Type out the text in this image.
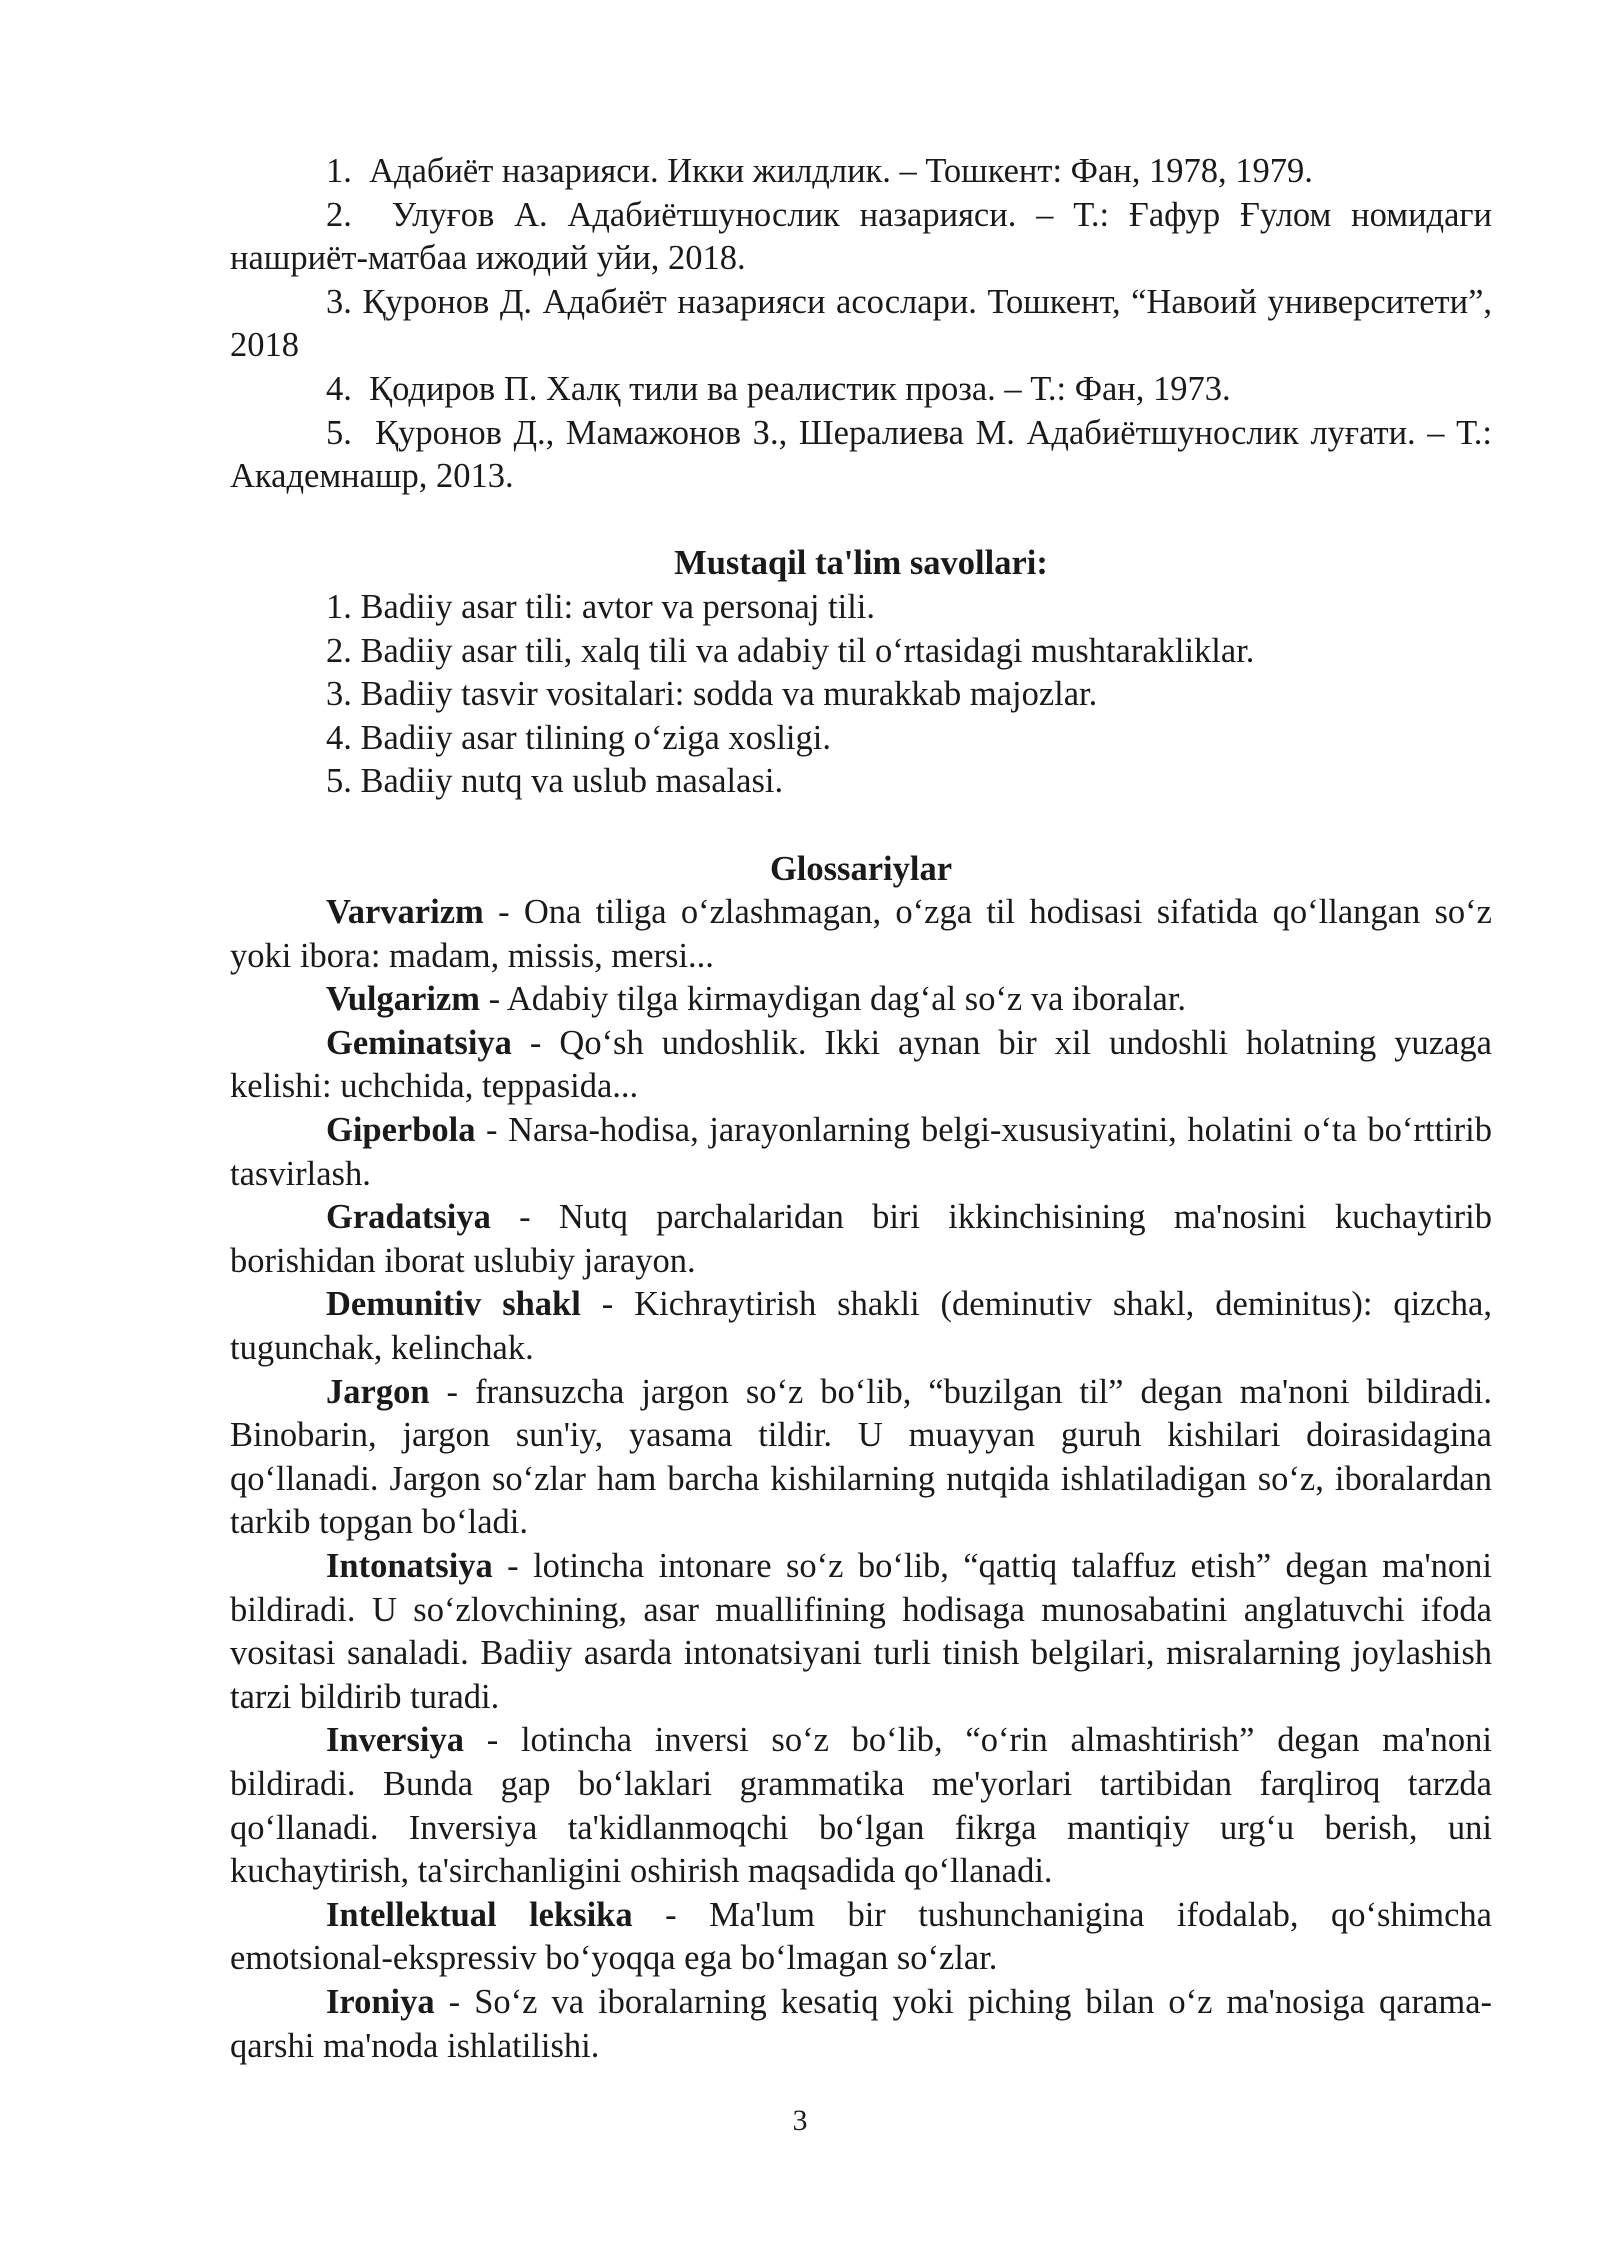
1. Адабиёт назарияси. Икки жилдлик. – Тошкент: Фан, 1978, 1979.

2. Улуғов А. Адабиётшунослик назарияси. – Т.: Ғафур Ғулом номидаги нашриёт-матбаа ижодий уйи, 2018.

3. Қуронов Д. Адабиёт назарияси асослари. Тошкент, “Навоий университети”, 2018

4. Қодиров П. Халқ тили ва реалистик проза. – Т.: Фан, 1973.

5. Қуронов Д., Мамажонов З., Шералиева М. Адабиётшунослик луғати. – Т.: Академнашр, 2013.

Mustaqil ta'lim savollari:

1. Badiiy asar tili: avtor va personaj tili.

2. Badiiy asar tili, xalq tili va adabiy til oʻrtasidagi mushtarakliklar.

3. Badiiy tasvir vositalari: sodda va murakkab majozlar.

4. Badiiy asar tilining oʻziga xosligi.

5. Badiiy nutq va uslub masalasi.

Glossariylar

Varvarizm - Ona tiliga oʻzlashmagan, oʻzga til hodisasi sifatida qoʻllangan soʻz yoki ibora: madam, missis, mersi...

Vulgarizm - Adabiy tilga kirmaydigan dagʻal soʻz va iboralar.

Geminatsiya - Qoʻsh undoshlik. Ikki aynan bir xil undoshli holatning yuzaga kelishi: uchchida, teppasida...

Giperbola - Narsa-hodisa, jarayonlarning belgi-xususiyatini, holatini oʻta boʻrttirib tasvirlash.

Gradatsiya - Nutq parchalaridan biri ikkinchisining ma'nosini kuchaytirib borishidan iborat uslubiy jarayon.

Demunitiv shakl - Kichraytirish shakli (deminutiv shakl, deminitus): qizcha, tugunchak, kelinchak.

Jargon - fransuzcha jargon soʻz boʻlib, “buzilgan til” degan ma'noni bildiradi. Binobarin, jargon sun'iy, yasama tildir. U muayyan guruh kishilari doirasidagina qoʻllanadi. Jargon soʻzlar ham barcha kishilarning nutqida ishlatiladigan soʻz, iboralardan tarkib topgan boʻladi.

Intonatsiya - lotincha intonare soʻz boʻlib, “qattiq talaffuz etish” degan ma'noni bildiradi. U soʻzlovchining, asar muallifining hodisaga munosabatini anglatuvchi ifoda vositasi sanaladi. Badiiy asarda intonatsiyani turli tinish belgilari, misralarning joylashish tarzi bildirib turadi.

Inversiya - lotincha inversi soʻz boʻlib, “oʻrin almashtirish” degan ma'noni bildiradi. Bunda gap boʻlaklari grammatika me'yorlari tartibidan farqliroq tarzda qoʻllanadi. Inversiya ta'kidlanmoqchi boʻlgan fikrga mantiqiy urgʻu berish, uni kuchaytirish, ta'sirchanligini oshirish maqsadida qoʻllanadi.

Intellektual leksika - Ma'lum bir tushunchanigina ifodalab, qoʻshimcha emotsional-ekspressiv boʻyoqqa ega boʻlmagan soʻzlar.

Ironiya - Soʻz va iboralarning kesatiq yoki piching bilan oʻz ma'nosiga qarama-qarshi ma'noda ishlatilishi.

3
